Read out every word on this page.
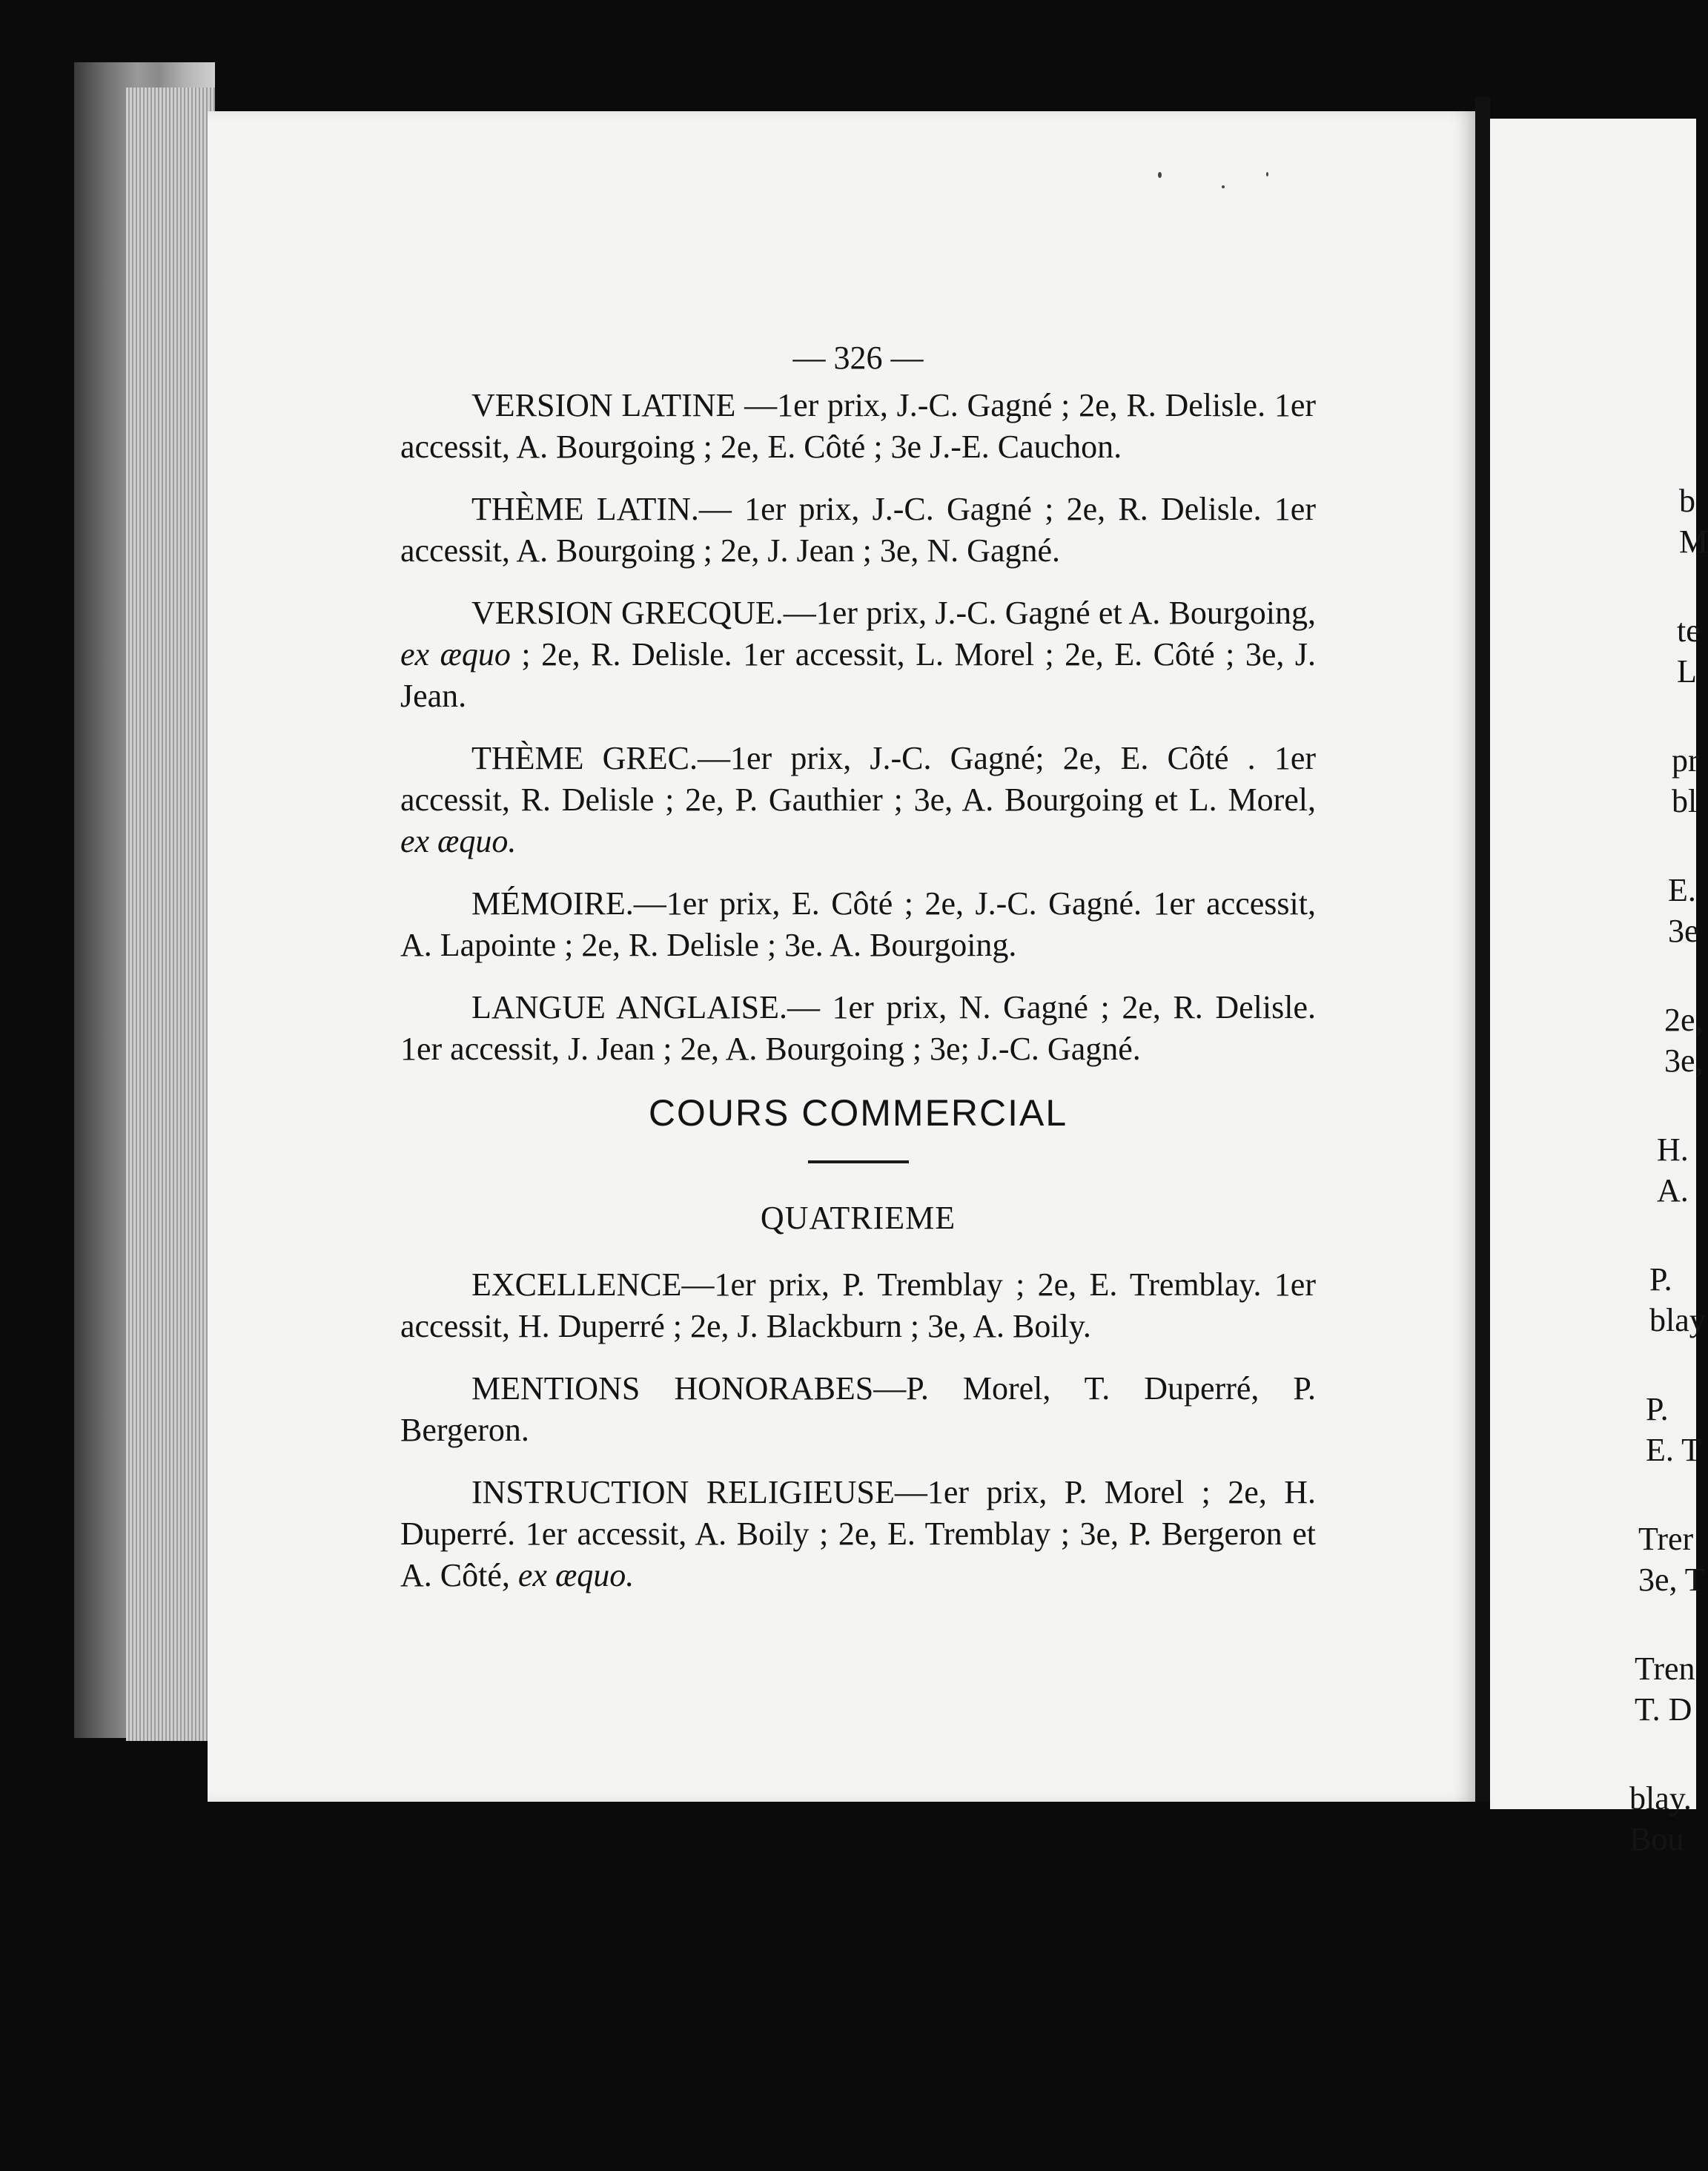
b
M
te
L
pr
bl
E.
3e
2e,
3e,
H.
A.
P.
blay
P.
E. T
Trer
3e, T
Tren
T. D
blay.
Bou
— 326 —

VERSION LATINE —1er prix, J.-C. Gagné ; 2e, R. Delisle. 1er accessit, A. Bourgoing ; 2e, E. Côté ; 3e J.-E. Cauchon.

THÈME LATIN.— 1er prix, J.-C. Gagné ; 2e, R. Delisle. 1er accessit, A. Bourgoing ; 2e, J. Jean ; 3e, N. Gagné.

VERSION GRECQUE.—1er prix, J.-C. Gagné et A. Bourgoing, ex æquo ; 2e, R. Delisle. 1er accessit, L. Morel ; 2e, E. Côté ; 3e, J. Jean.

THÈME GREC.—1er prix, J.-C. Gagné; 2e, E. Côté . 1er accessit, R. Delisle ; 2e, P. Gauthier ; 3e, A. Bourgoing et L. Morel, ex æquo.

MÉMOIRE.—1er prix, E. Côté ; 2e, J.-C. Gagné. 1er accessit, A. Lapointe ; 2e, R. Delisle ; 3e. A. Bourgoing.

LANGUE ANGLAISE.— 1er prix, N. Gagné ; 2e, R. Delisle. 1er accessit, J. Jean ; 2e, A. Bourgoing ; 3e; J.-C. Gagné.

COURS COMMERCIAL
QUATRIEME

EXCELLENCE—1er prix, P. Tremblay ; 2e, E. Tremblay. 1er accessit, H. Duperré ; 2e, J. Blackburn ; 3e, A. Boily.

MENTIONS HONORABES—P. Morel, T. Duperré, P. Bergeron.

INSTRUCTION RELIGIEUSE—1er prix, P. Morel ; 2e, H. Duperré. 1er accessit, A. Boily ; 2e, E. Tremblay ; 3e, P. Bergeron et A. Côté, ex æquo.
